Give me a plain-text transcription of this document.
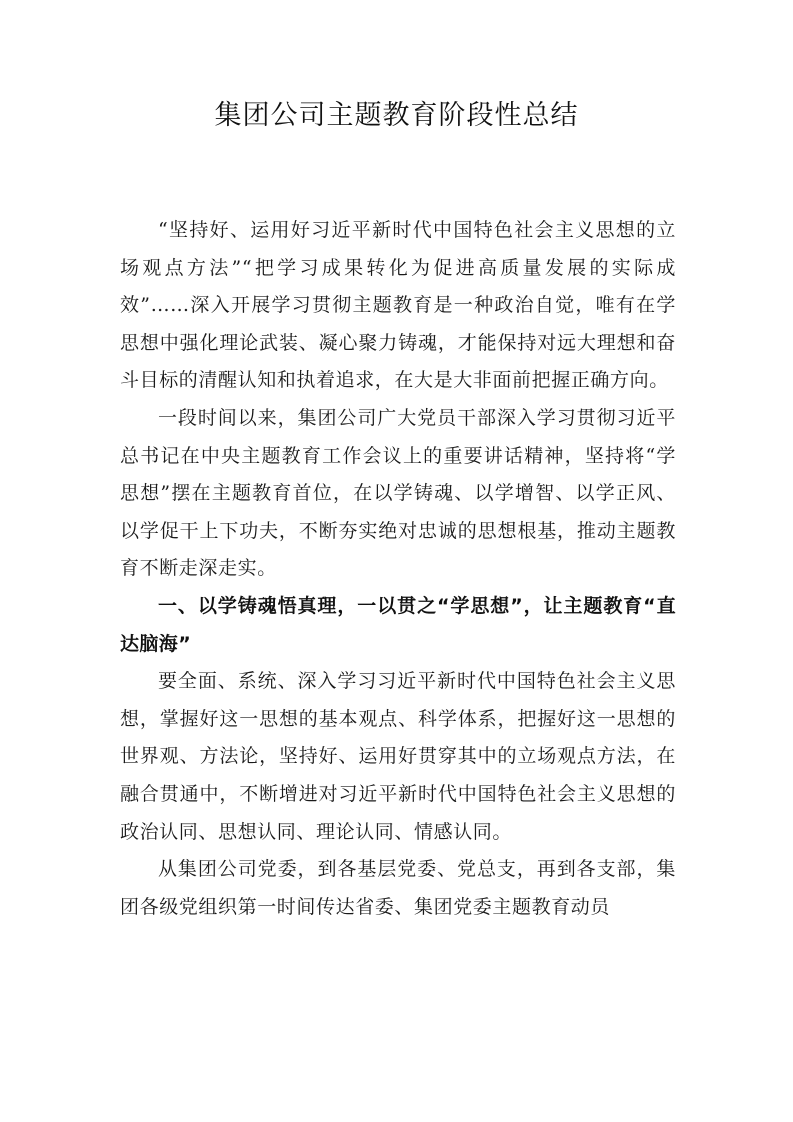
集团公司主题教育阶段性总结

“坚持好、运用好习近平新时代中国特色社会主义思想的立场观点方法”“把学习成果转化为促进高质量发展的实际成效”……深入开展学习贯彻主题教育是一种政治自觉，唯有在学思想中强化理论武装、凝心聚力铸魂，才能保持对远大理想和奋斗目标的清醒认知和执着追求，在大是大非面前把握正确方向。

一段时间以来，集团公司广大党员干部深入学习贯彻习近平总书记在中央主题教育工作会议上的重要讲话精神，坚持将“学思想”摆在主题教育首位，在以学铸魂、以学增智、以学正风、以学促干上下功夫，不断夯实绝对忠诚的思想根基，推动主题教育不断走深走实。

一、以学铸魂悟真理，一以贯之“学思想”，让主题教育“直达脑海”

要全面、系统、深入学习习近平新时代中国特色社会主义思想，掌握好这一思想的基本观点、科学体系，把握好这一思想的世界观、方法论，坚持好、运用好贯穿其中的立场观点方法，在融合贯通中，不断增进对习近平新时代中国特色社会主义思想的政治认同、思想认同、理论认同、情感认同。

从集团公司党委，到各基层党委、党总支，再到各支部，集团各级党组织第一时间传达省委、集团党委主题教育动员
